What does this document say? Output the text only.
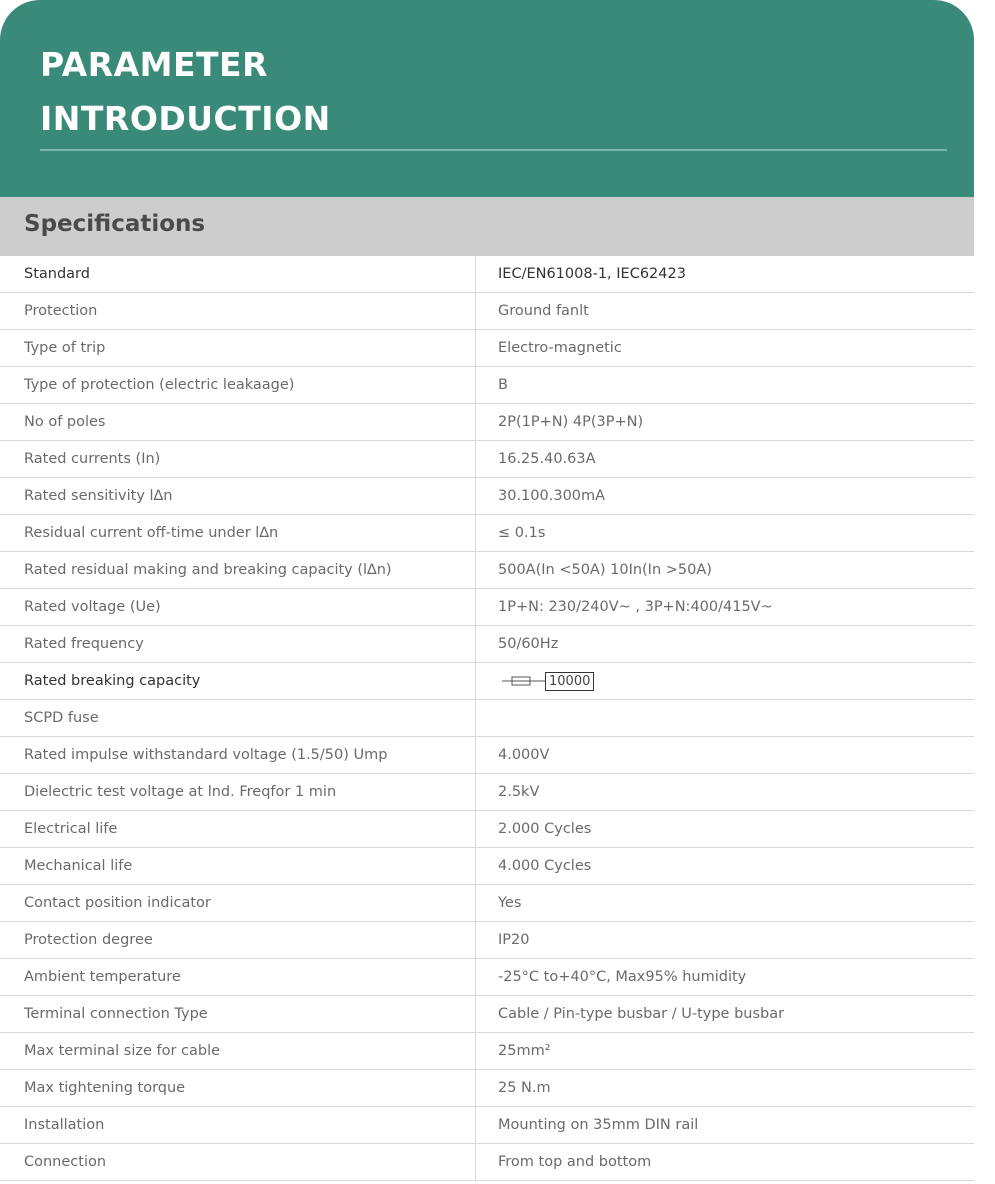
PARAMETER
INTRODUCTION
Specifications
Standard	IEC/EN61008-1, IEC62423
Protection	Ground fanlt
Type of trip	Electro-magnetic
Type of protection (electric leakaage)	B
No of poles	2P(1P+N) 4P(3P+N)
Rated currents (In)	16.25.40.63A
Rated sensitivity l∆n	30.100.300mA
Residual current off-time under l∆n	≤ 0.1s
Rated residual making and breaking capacity (l∆n)	500A(In <50A) 10In(In >50A)
Rated voltage (Ue)	1P+N: 230/240V~ , 3P+N:400/415V~
Rated frequency	50/60Hz
Rated breaking capacity	10000
SCPD fuse
Rated impulse withstandard voltage (1.5/50) Ump	4.000V
Dielectric test voltage at lnd. Freqfor 1 min	2.5kV
Electrical life	2.000 Cycles
Mechanical life	4.000 Cycles
Contact position indicator	Yes
Protection degree	IP20
Ambient temperature	-25°C to+40°C, Max95% humidity
Terminal connection Type	Cable / Pin-type busbar / U-type busbar
Max terminal size for cable	25mm²
Max tightening torque	25 N.m
Installation	Mounting on 35mm DIN rail
Connection	From top and bottom
